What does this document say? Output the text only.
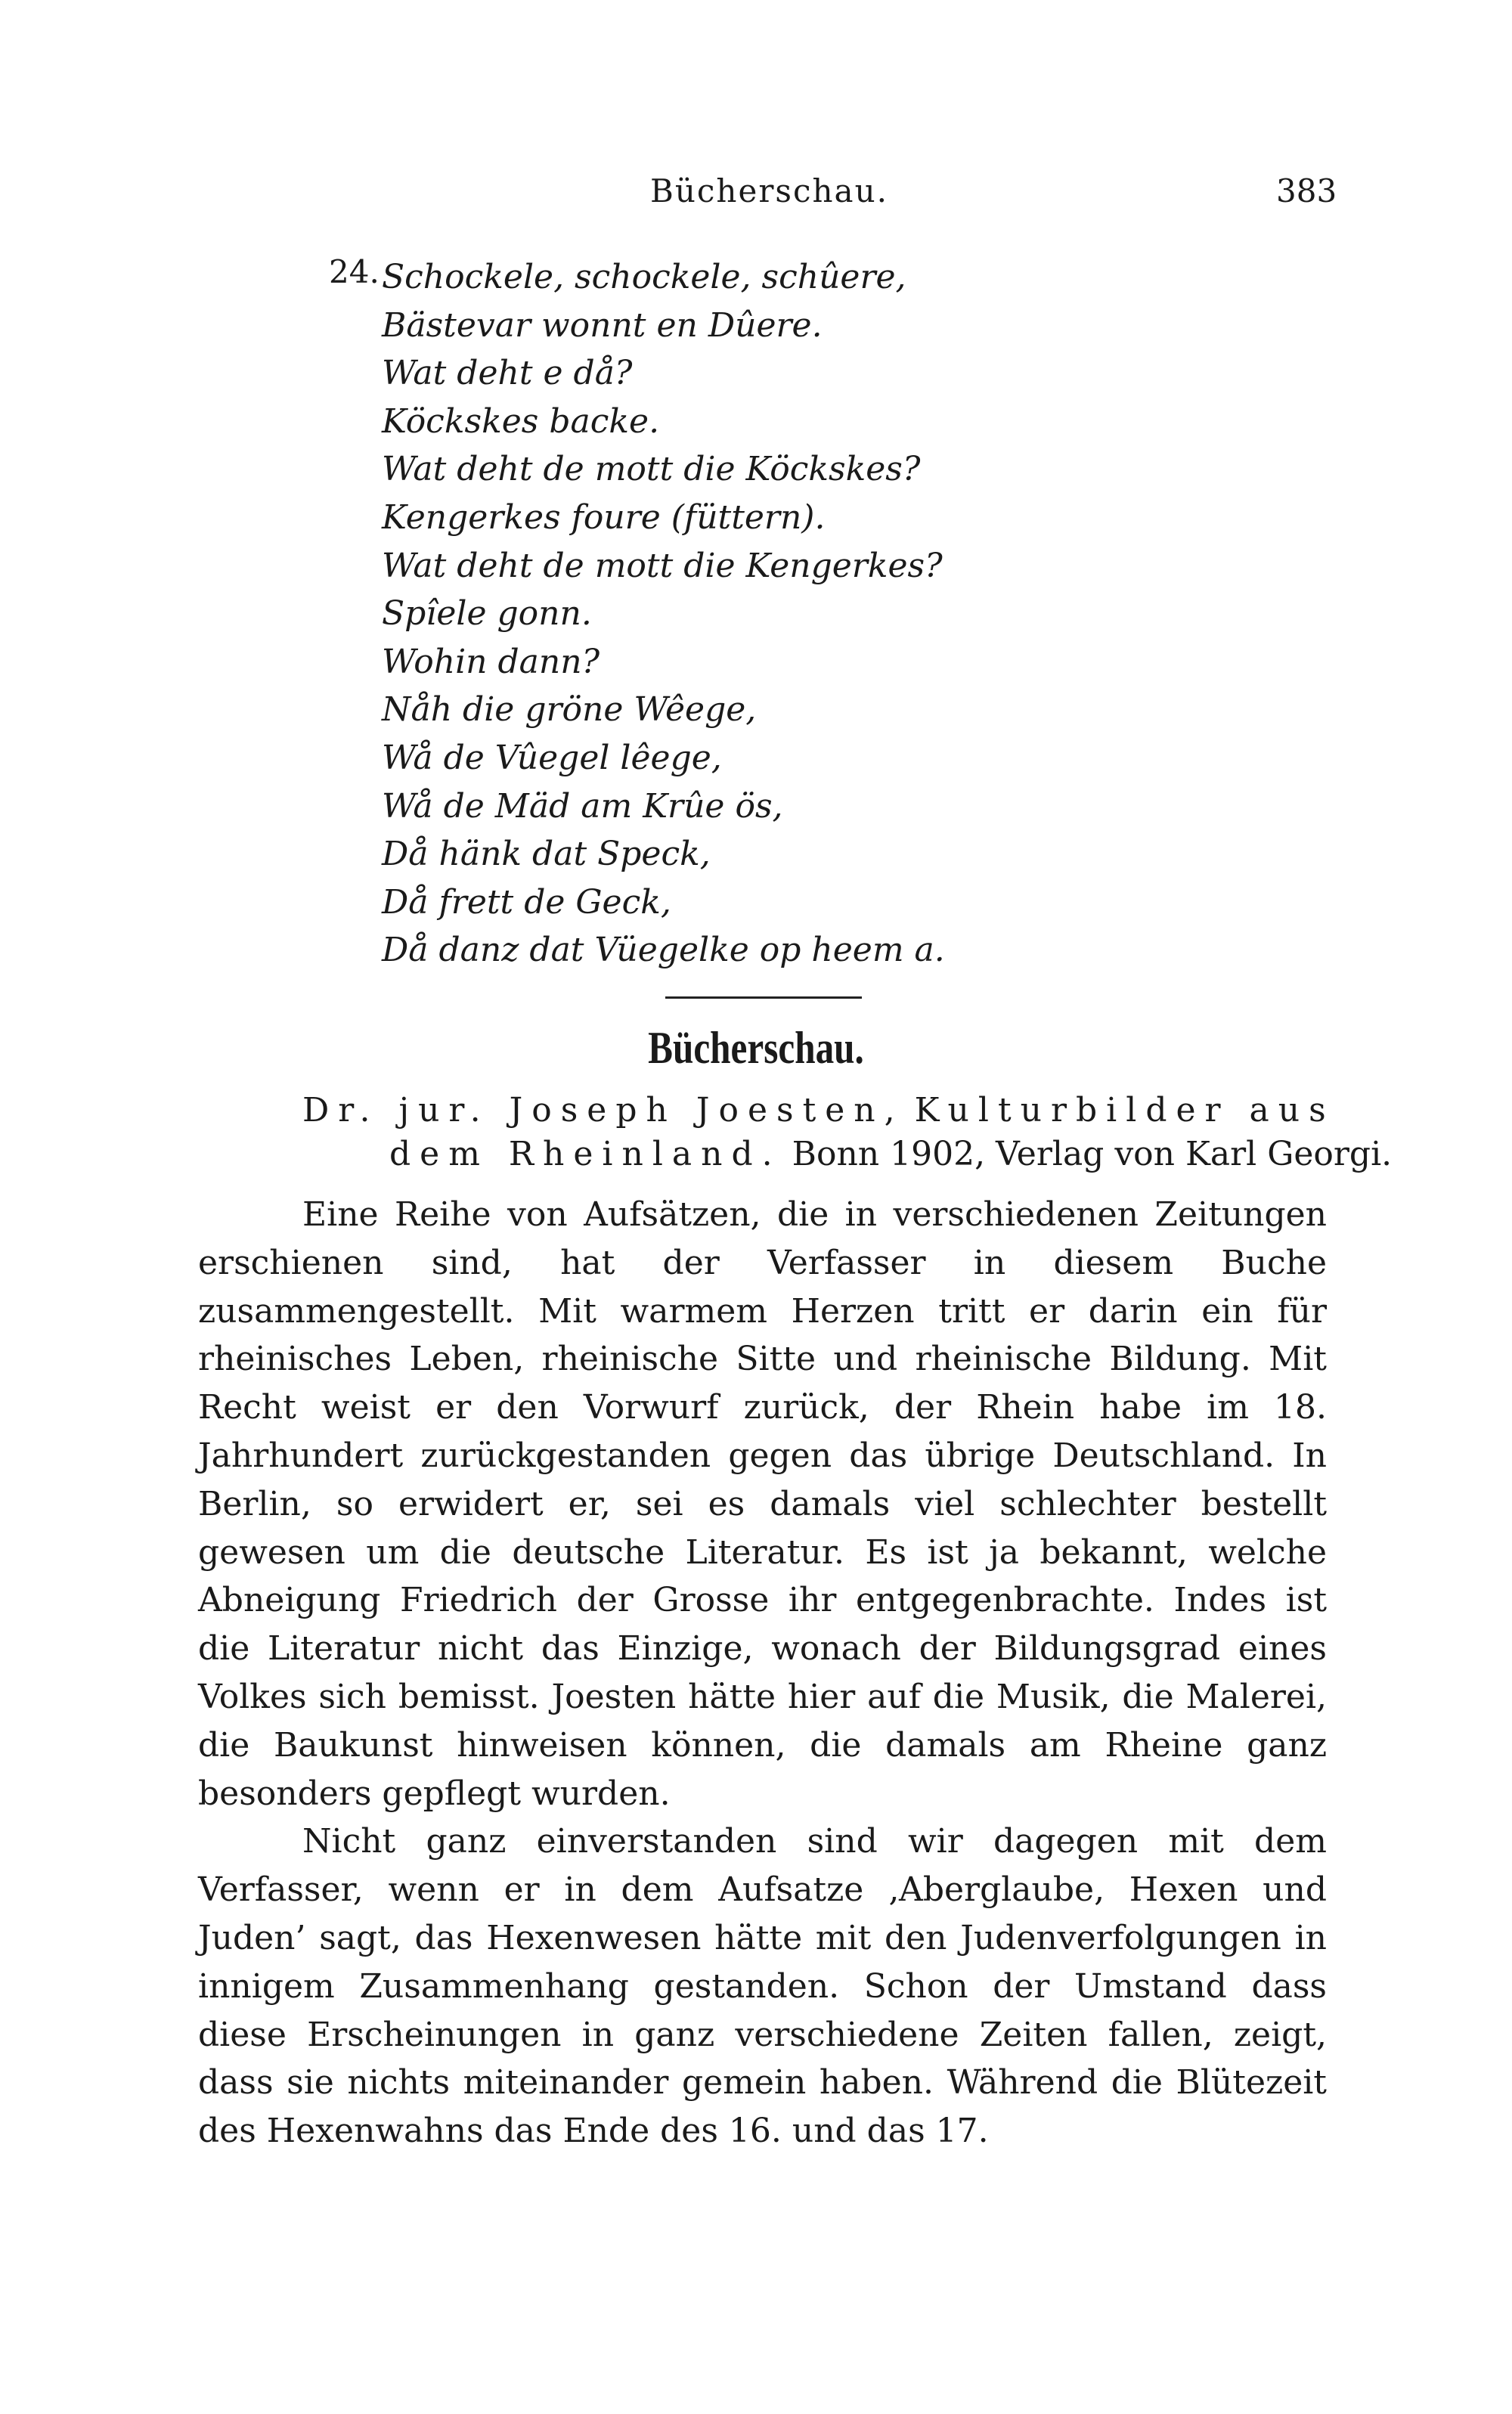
Bücherschau.	383
24. Schockele, schockele, schûere,
Bästevar wonnt en Dûere.
Wat deht e då?
Köckskes backe.
Wat deht de mott die Köckskes?
Kengerkes foure (füttern).
Wat deht de mott die Kengerkes?
Spîele gonn.
Wohin dann?
Nåh die gröne Wêege,
Wå de Vûegel lêege,
Wå de Mäd am Krûe ös,
Då hänk dat Speck,
Då frett de Geck,
Då danz dat Vüegelke op heem a.
Bücherschau.
Dr. jur. Joseph Joesten, Kulturbilder aus
dem Rheinland. Bonn 1902, Verlag von Karl Georgi.

Eine Reihe von Aufsätzen, die in verschiedenen Zeitungen erschienen sind, hat der Verfasser in diesem Buche zusammengestellt. Mit warmem Herzen tritt er darin ein für rheinisches Leben, rheinische Sitte und rheinische Bildung. Mit Recht weist er den Vorwurf zurück, der Rhein habe im 18. Jahrhundert zurückgestanden gegen das übrige Deutschland. In Berlin, so erwidert er, sei es damals viel schlechter bestellt gewesen um die deutsche Literatur. Es ist ja bekannt, welche Abneigung Friedrich der Grosse ihr entgegenbrachte. Indes ist die Literatur nicht das Einzige, wonach der Bildungsgrad eines Volkes sich bemisst. Joesten hätte hier auf die Musik, die Malerei, die Baukunst hinweisen können, die damals am Rheine ganz besonders gepflegt wurden.

Nicht ganz einverstanden sind wir dagegen mit dem Verfasser, wenn er in dem Aufsatze ‚Aberglaube, Hexen und Juden’ sagt, das Hexenwesen hätte mit den Judenverfolgungen in innigem Zusammenhang gestanden. Schon der Umstand dass diese Erscheinungen in ganz verschiedene Zeiten fallen, zeigt, dass sie nichts miteinander gemein haben. Während die Blütezeit des Hexenwahns das Ende des 16. und das 17.
